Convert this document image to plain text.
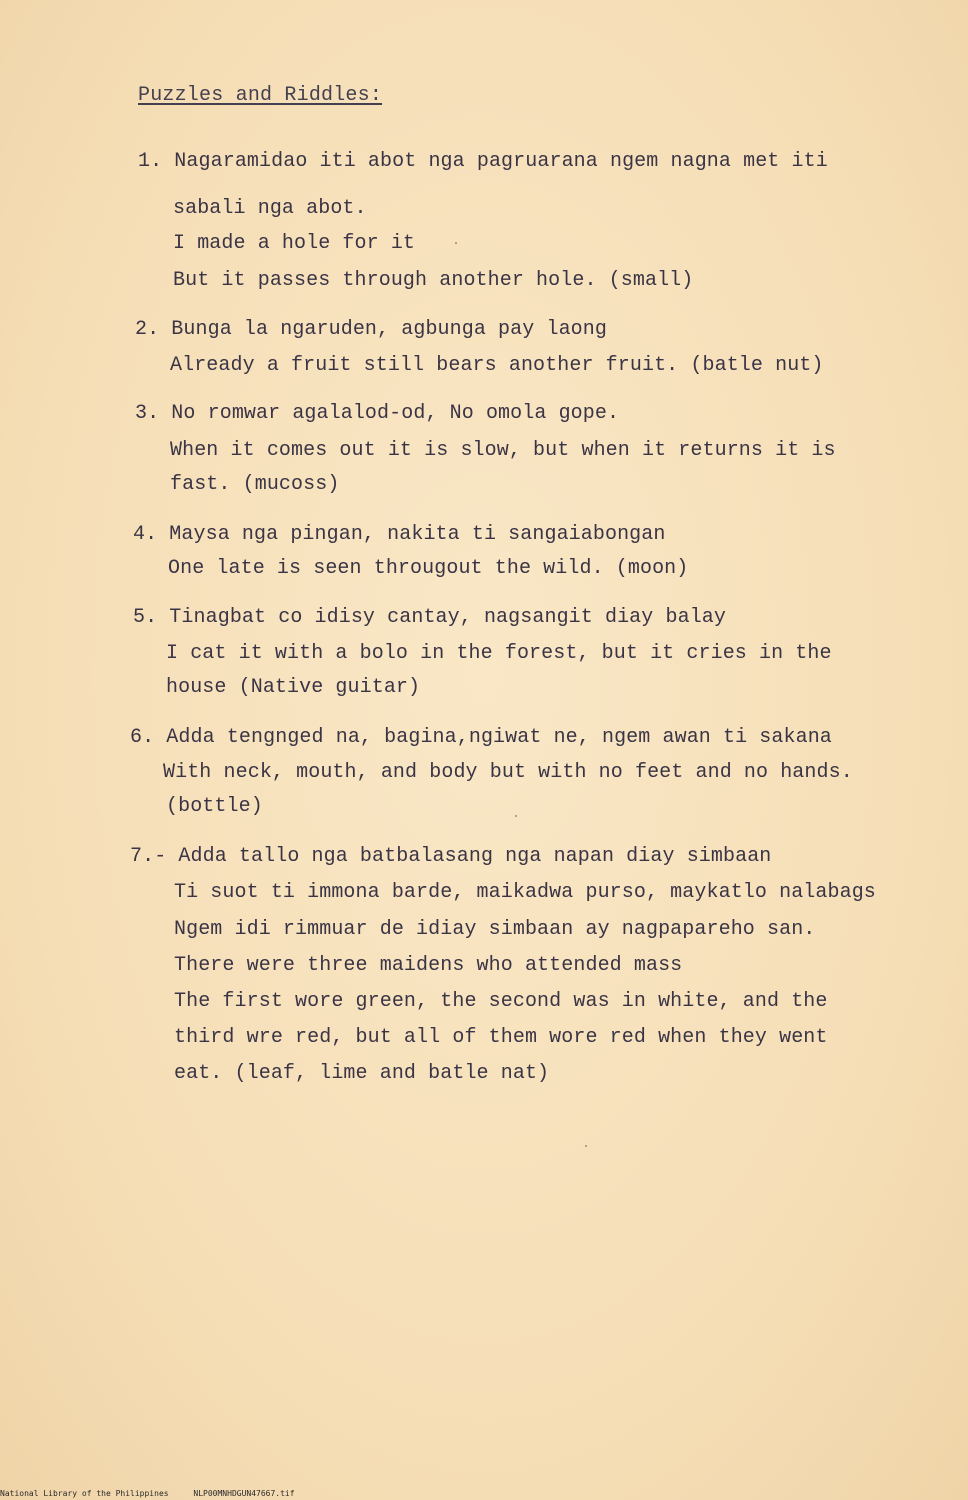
Puzzles and Riddles:
1. Nagaramidao iti abot nga pagruarana ngem nagna met iti
sabali nga abot.
I made a hole for it
But it passes through another hole. (small)
2. Bunga la ngaruden, agbunga pay laong
Already a fruit still bears another fruit. (batle nut)
3. No romwar agalalod-od, No omola gope.
When it comes out it is slow, but when it returns it is
fast. (mucoss)
4. Maysa nga pingan, nakita ti sangaiabongan
One late is seen througout the wild. (moon)
5. Tinagbat co idisy cantay, nagsangit diay balay
I cat it with a bolo in the forest, but it cries in the
house (Native guitar)
6. Adda tengnged na, bagina,ngiwat ne, ngem awan ti sakana
With neck, mouth, and body but with no feet and no hands.
(bottle)
7.- Adda tallo nga batbalasang nga napan diay simbaan
Ti suot ti immona barde, maikadwa purso, maykatlo nalabags
Ngem idi rimmuar de idiay simbaan ay nagpapareho san.
There were three maidens who attended mass
The first wore green, the second was in white, and the
third wre red, but all of them wore red when they went
eat. (leaf, lime and batle nat)
National Library of the Philippines	NLP00MNHDGUN47667.tif
